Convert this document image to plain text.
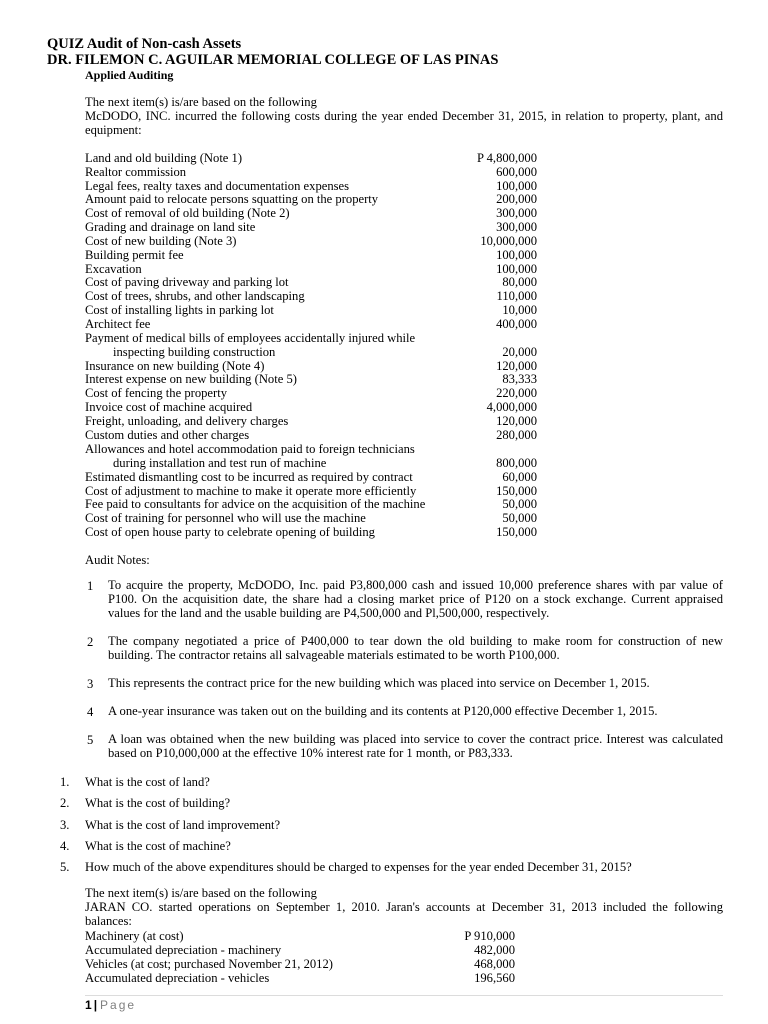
QUIZ Audit of Non-cash Assets
DR. FILEMON C. AGUILAR MEMORIAL COLLEGE OF LAS PINAS
Applied Auditing
The next item(s) is/are based on the following
McDODO, INC. incurred the following costs during the year ended December 31, 2015, in relation to property, plant, and equipment:
Land and old building (Note 1)	P 4,800,000
Realtor commission	600,000
Legal fees, realty taxes and documentation expenses	100,000
Amount paid to relocate persons squatting on the property	200,000
Cost of removal of old building (Note 2)	300,000
Grading and drainage on land site	300,000
Cost of new building (Note 3)	10,000,000
Building permit fee	100,000
Excavation	100,000
Cost of paving driveway and parking lot	80,000
Cost of trees, shrubs, and other landscaping	110,000
Cost of installing lights in parking lot	10,000
Architect fee	400,000
Payment of medical bills of employees accidentally injured while
inspecting building construction	20,000
Insurance on new building (Note 4)	120,000
Interest expense on new building (Note 5)	83,333
Cost of fencing the property	220,000
Invoice cost of machine acquired	4,000,000
Freight, unloading, and delivery charges	120,000
Custom duties and other charges	280,000
Allowances and hotel accommodation paid to foreign technicians
during installation and test run of machine	800,000
Estimated dismantling cost to be incurred as required by contract	60,000
Cost of adjustment to machine to make it operate more efficiently	150,000
Fee paid to consultants for advice on the acquisition of the machine	50,000
Cost of training for personnel who will use the machine	50,000
Cost of open house party to celebrate opening of building	150,000
Audit Notes:
1 To acquire the property, McDODO, Inc. paid P3,800,000 cash and issued 10,000 preference shares with par value of P100. On the acquisition date, the share had a closing market price of P120 on a stock exchange. Current appraised values for the land and the usable building are P4,500,000 and Pl,500,000, respectively.
2 The company negotiated a price of P400,000 to tear down the old building to make room for construction of new building. The contractor retains all salvageable materials estimated to be worth P100,000.
3 This represents the contract price for the new building which was placed into service on December 1, 2015.
4 A one-year insurance was taken out on the building and its contents at P120,000 effective December 1, 2015.
5 A loan was obtained when the new building was placed into service to cover the contract price. Interest was calculated based on P10,000,000 at the effective 10% interest rate for 1 month, or P83,333.
1. What is the cost of land?
2. What is the cost of building?
3. What is the cost of land improvement?
4. What is the cost of machine?
5. How much of the above expenditures should be charged to expenses for the year ended December 31, 2015?
The next item(s) is/are based on the following
JARAN CO. started operations on September 1, 2010. Jaran's accounts at December 31, 2013 included the following balances:
Machinery (at cost)	P 910,000
Accumulated depreciation - machinery	482,000
Vehicles (at cost; purchased November 21, 2012)	468,000
Accumulated depreciation - vehicles	196,560
1 | Page
